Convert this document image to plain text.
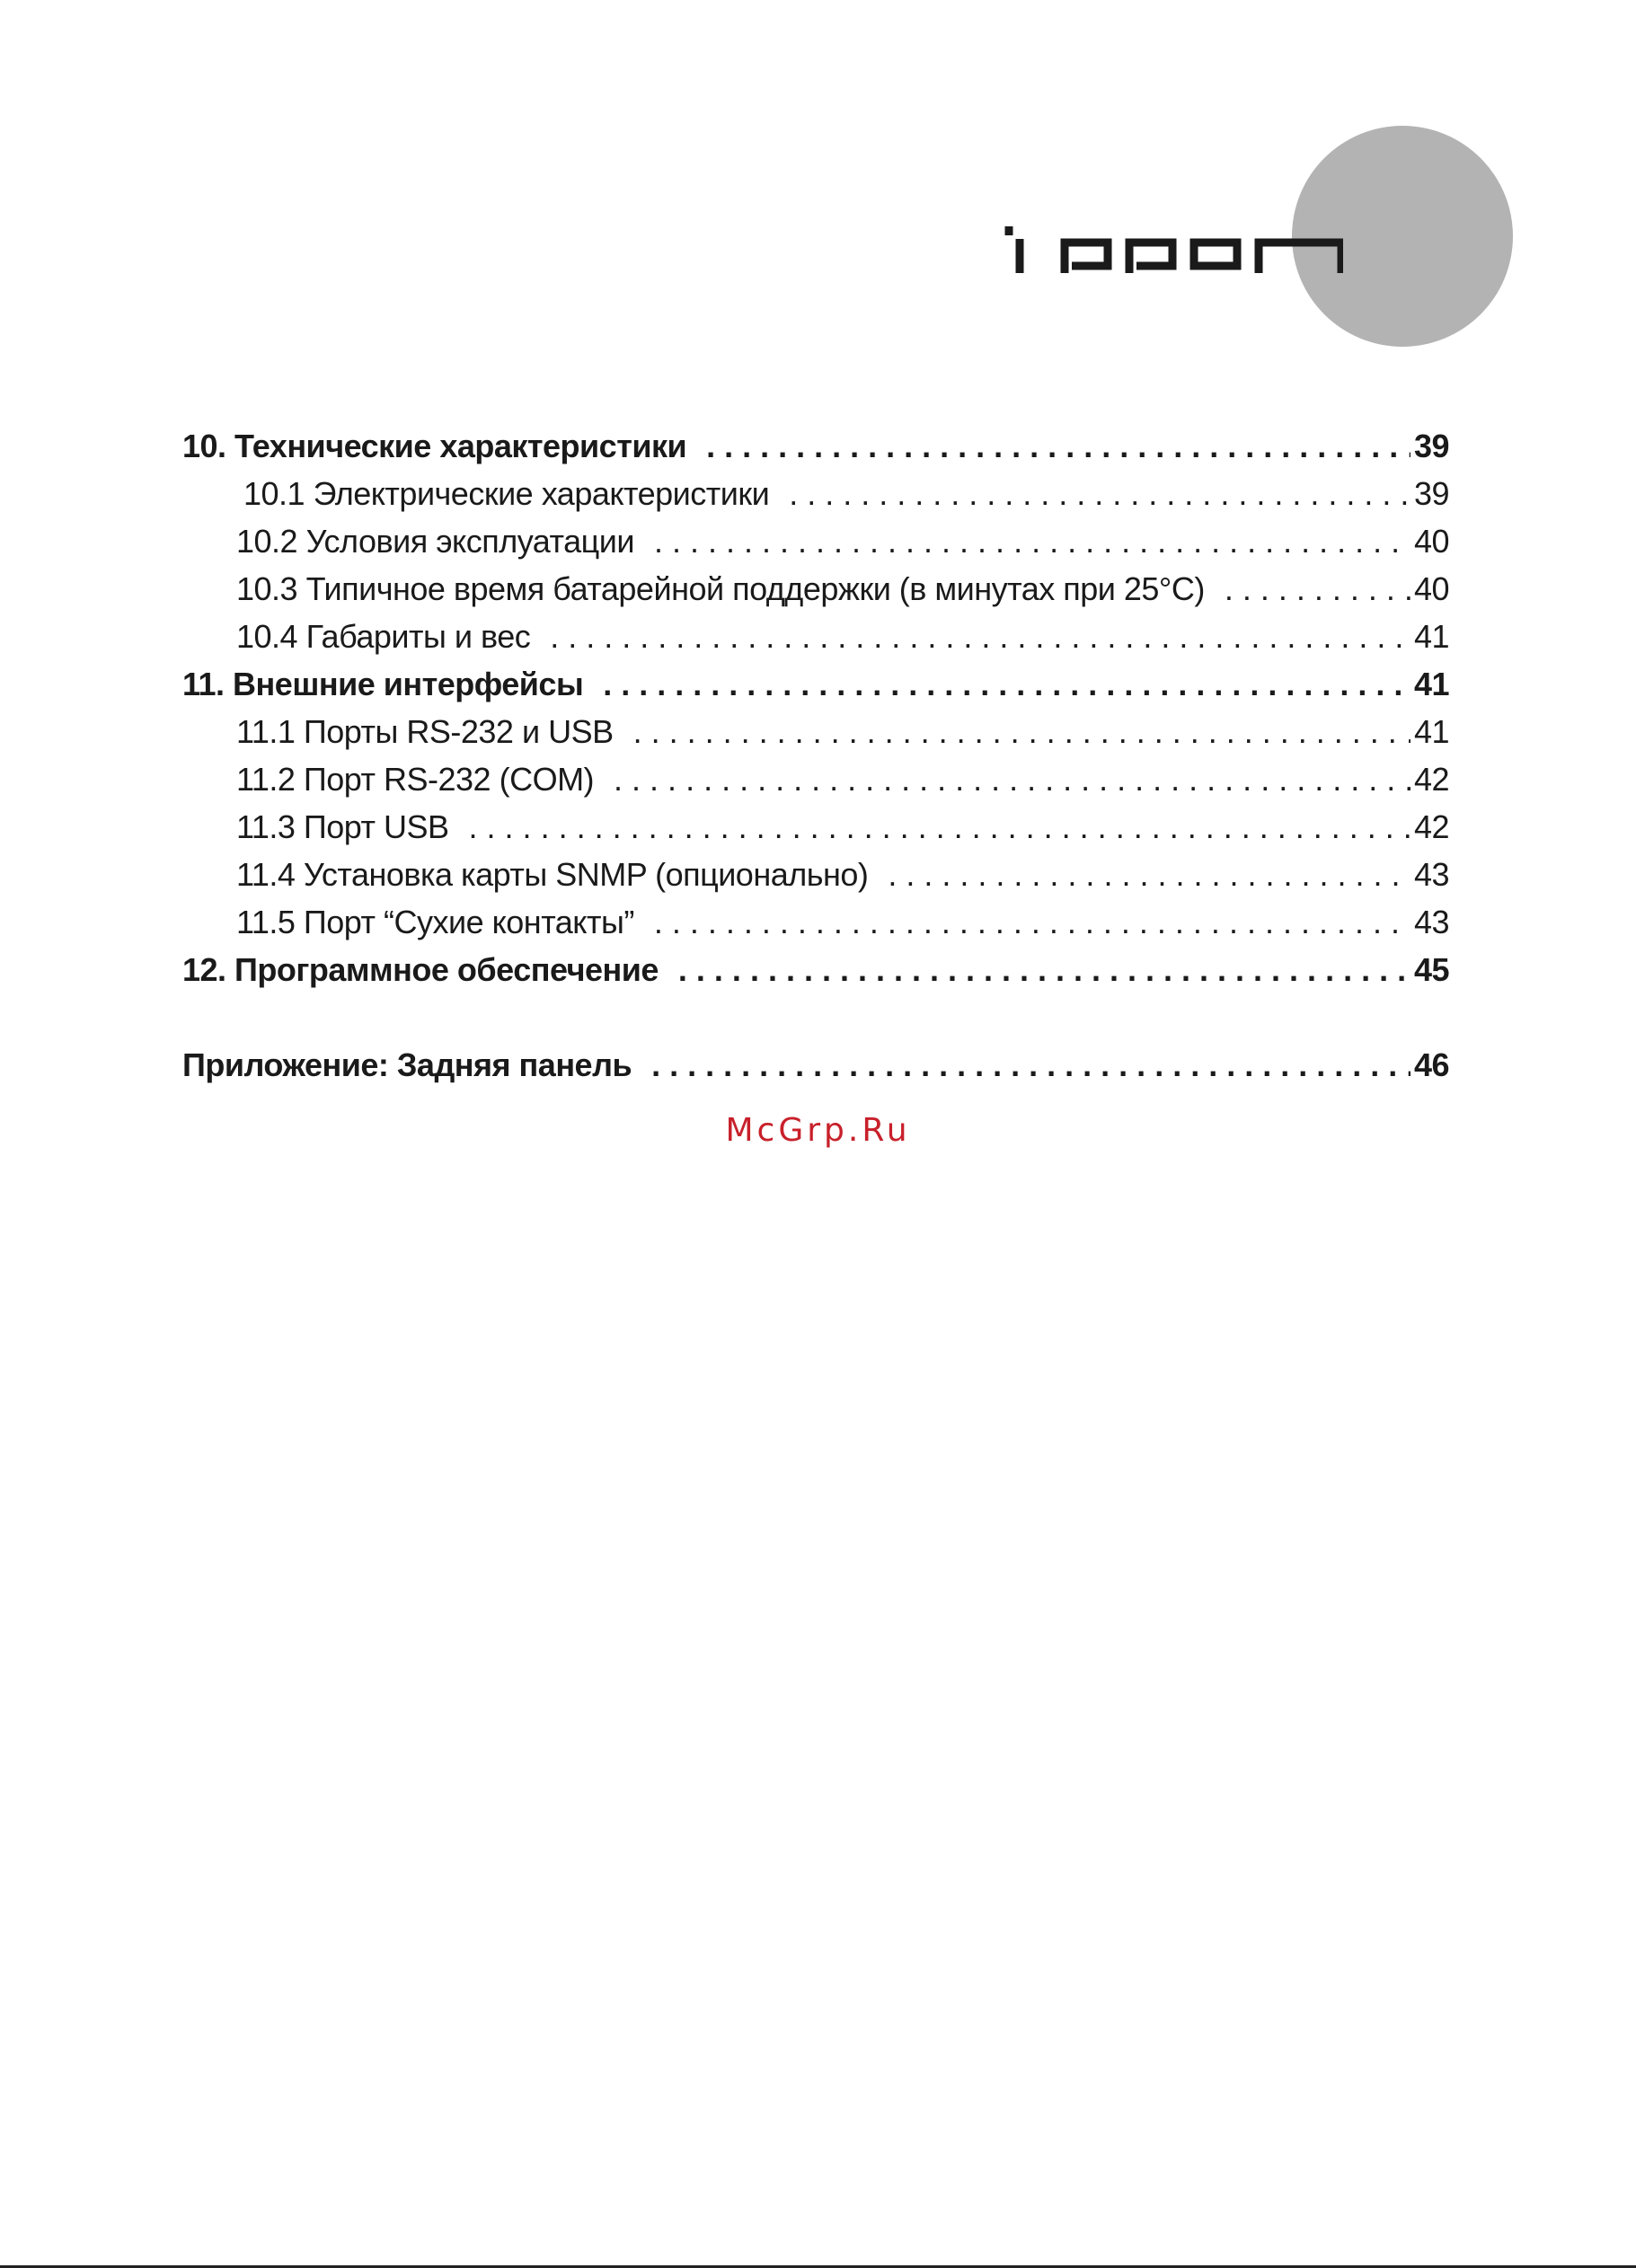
10. Технические характеристики . . .	39
10.1 Электрические характеристики . . .	39
10.2 Условия эксплуатации . . .	40
10.3 Типичное время батарейной поддержки (в минутах при 25°C) . . .	40
10.4 Габариты и вес . . .	41
11. Внешние интерфейсы . . .	41
11.1 Порты RS-232 и USB . . .	41
11.2 Порт RS-232 (COM) . . .	42
11.3 Порт USB . . .	42
11.4 Установка карты SNMP (опционально) . . .	43
11.5 Порт “Сухие контакты” . . .	43
12. Программное обеспечение . . .	45
Приложение: Задняя панель . . .	46
McGrp.Ru
